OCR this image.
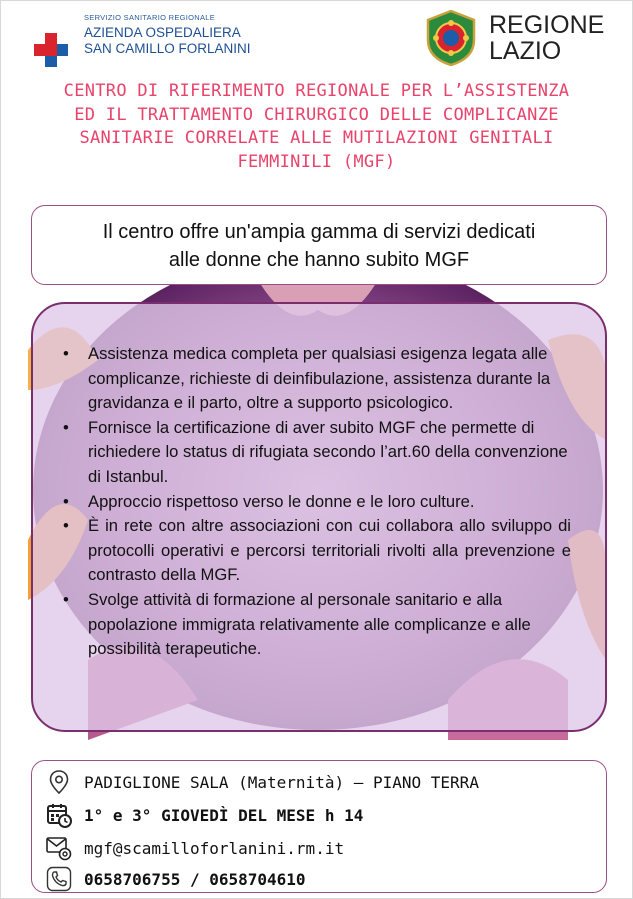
SERVIZIO SANITARIO REGIONALE
AZIENDA OSPEDALIERA
SAN CAMILLO FORLANINI
REGIONE
LAZIO
CENTRO DI RIFERIMENTO REGIONALE PER L’ASSISTENZA
ED IL TRATTAMENTO CHIRURGICO DELLE COMPLICANZE
SANITARIE CORRELATE ALLE MUTILAZIONI GENITALI
FEMMINILI (MGF)
Il centro offre un'ampia gamma di servizi dedicati
alle donne che hanno subito MGF
• Assistenza medica completa per qualsiasi esigenza legata alle complicanze, richieste di deinfibulazione, assistenza durante la gravidanza e il parto, oltre a supporto psicologico.
• Fornisce la certificazione di aver subito MGF che permette di richiedere lo status di rifugiata secondo l’art.60 della convenzione di Istanbul.
• Approccio rispettoso verso le donne e le loro culture.
• È in rete con altre associazioni con cui collabora allo sviluppo di protocolli operativi e percorsi territoriali rivolti alla prevenzione e contrasto della MGF.
• Svolge attività di formazione al personale sanitario e alla popolazione immigrata relativamente alle complicanze e alle possibilità terapeutiche.
PADIGLIONE SALA (Maternità) – PIANO TERRA
1° e 3° GIOVEDÌ DEL MESE h 14
mgf@scamilloforlanini.rm.it
0658706755 / 0658704610
